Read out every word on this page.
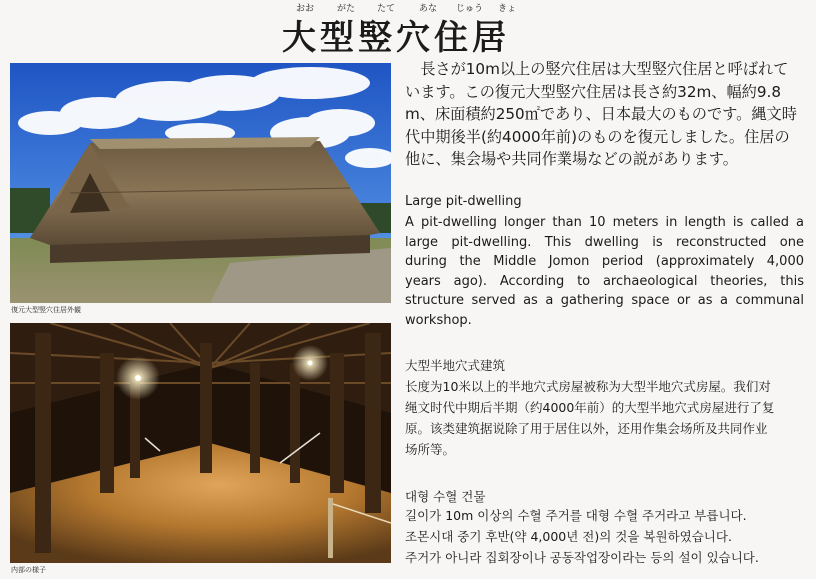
おお	がた たて	あな じゅう きょ
大型竪穴住居
復元大型竪穴住居外観
内部の様子
　長さが10m以上の竪穴住居は大型竪穴住居と呼ばれて
います。この復元大型竪穴住居は長さ約32m、幅約9.8
m、床面積約250㎡であり、日本最大のものです。縄文時
代中期後半(約4000年前)のものを復元しました。住居の
他に、集会場や共同作業場などの説があります。
Large pit-dwelling
A pit-dwelling longer than 10 meters in length is called a
large pit-dwelling. This dwelling is reconstructed one
during the Middle Jomon period (approximately 4,000
years ago). According to archaeological theories, this
structure served as a gathering space or as a communal
workshop.
大型半地穴式建筑
长度为10米以上的半地穴式房屋被称为大型半地穴式房屋。我们对
绳文时代中期后半期（约4000年前）的大型半地穴式房屋进行了复
原。该类建筑据说除了用于居住以外，还用作集会场所及共同作业
场所等。
대형 수혈 건물
길이가 10m 이상의 수혈 주거를 대형 수혈 주거라고 부릅니다.
조몬시대 중기 후반(약 4,000년 전)의 것을 복원하였습니다.
주거가 아니라 집회장이나 공동작업장이라는 등의 설이 있습니다.
